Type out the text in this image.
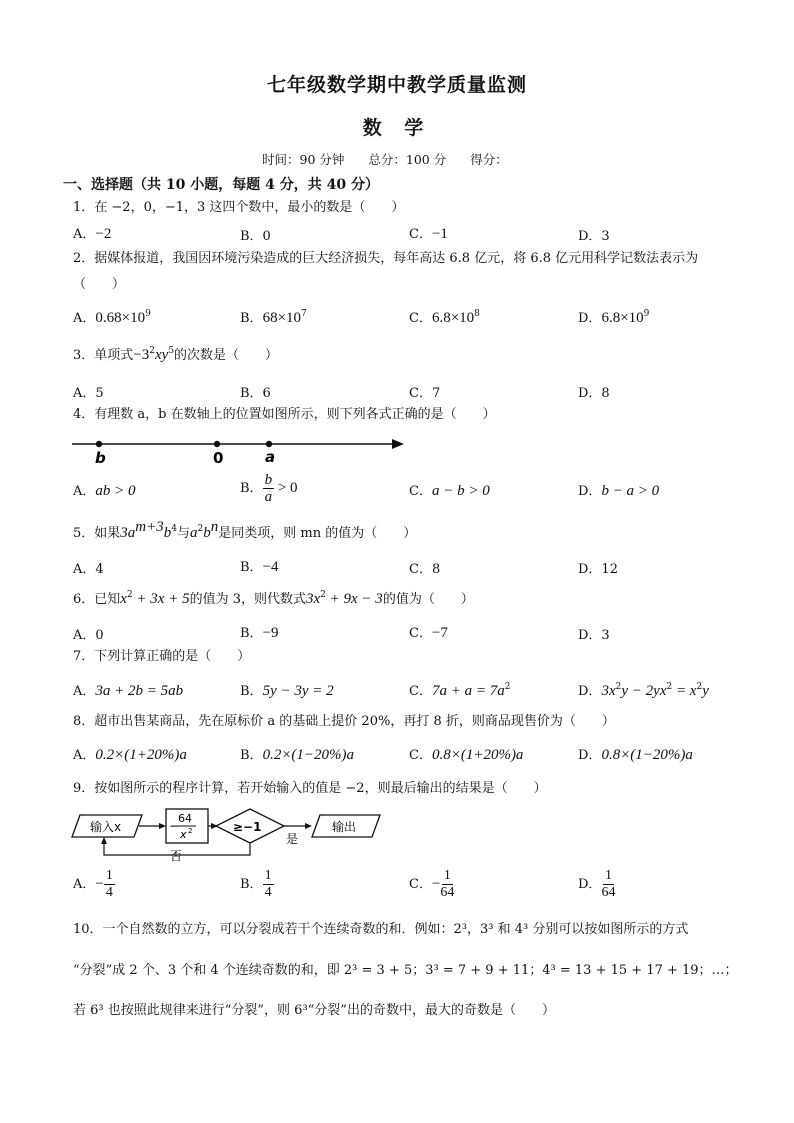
七年级数学期中教学质量监测
数 学
时间：90 分钟 总分：100 分 得分：
一、选择题（共 10 小题，每题 4 分，共 40 分）
1．在 −2，0，−1，3 这四个数中，最小的数是（　　）
A．−2	B．0	C．−1	D．3
2．据媒体报道，我国因环境污染造成的巨大经济损失，每年高达 6.8 亿元，将 6.8 亿元用科学记数法表示为（　　）
A．$0.68\times 10^9$	B．$68\times 10^7$	C．$6.8\times 10^8$	D．$6.8\times 10^9$
3．单项式$-3^2xy^5$的次数是（　　）
A．5	B．6	C．7	D．8
4．有理数 a，b 在数轴上的位置如图所示，则下列各式正确的是（　　）
b	0	a
A．ab > 0	B． $\frac{b}{a} > 0$	C．a − b > 0	D．b − a > 0
5．如果$3a^{m+3}b^4$与$a^2b^n$是同类项，则 mn 的值为（　　）
A．4	B．−4	C．8	D．12
6．已知$x^2 + 3x + 5$的值为 3，则代数式$3x^2 + 9x - 3$的值为（　　）
A．0	B．−9	C．−7	D．3
7．下列计算正确的是（　　）
A．3a + 2b = 5ab	B．5y − 3y = 2	C．$7a + a = 7a^2$	D．$3x^2y - 2yx^2 = x^2y$
8．超市出售某商品，先在原标价 a 的基础上提价 20%，再打 8 折，则商品现售价为（　　）
A．0.2×(1+20%)a	B．0.2×(1−20%)a	C．0.8×(1+20%)a	D．0.8×(1−20%)a
9．按如图所示的程序计算，若开始输入的值是 −2，则最后输出的结果是（　　）
输入x	−
64
x 2	≥−1
是
输出
否
A．− $\frac{1}{4}$	B． $\frac{1}{4}$	C．− $\frac{1}{64}$	D． $\frac{1}{64}$
10．一个自然数的立方，可以分裂成若干个连续奇数的和．例如：2³，3³ 和 4³ 分别可以按如图所示的方式
“分裂”成 2 个、3 个和 4 个连续奇数的和，即 2³ = 3 + 5；3³ = 7 + 9 + 11；4³ = 13 + 15 + 17 + 19；…；
若 6³ 也按照此规律来进行“分裂”，则 6³“分裂”出的奇数中，最大的奇数是（　　）
